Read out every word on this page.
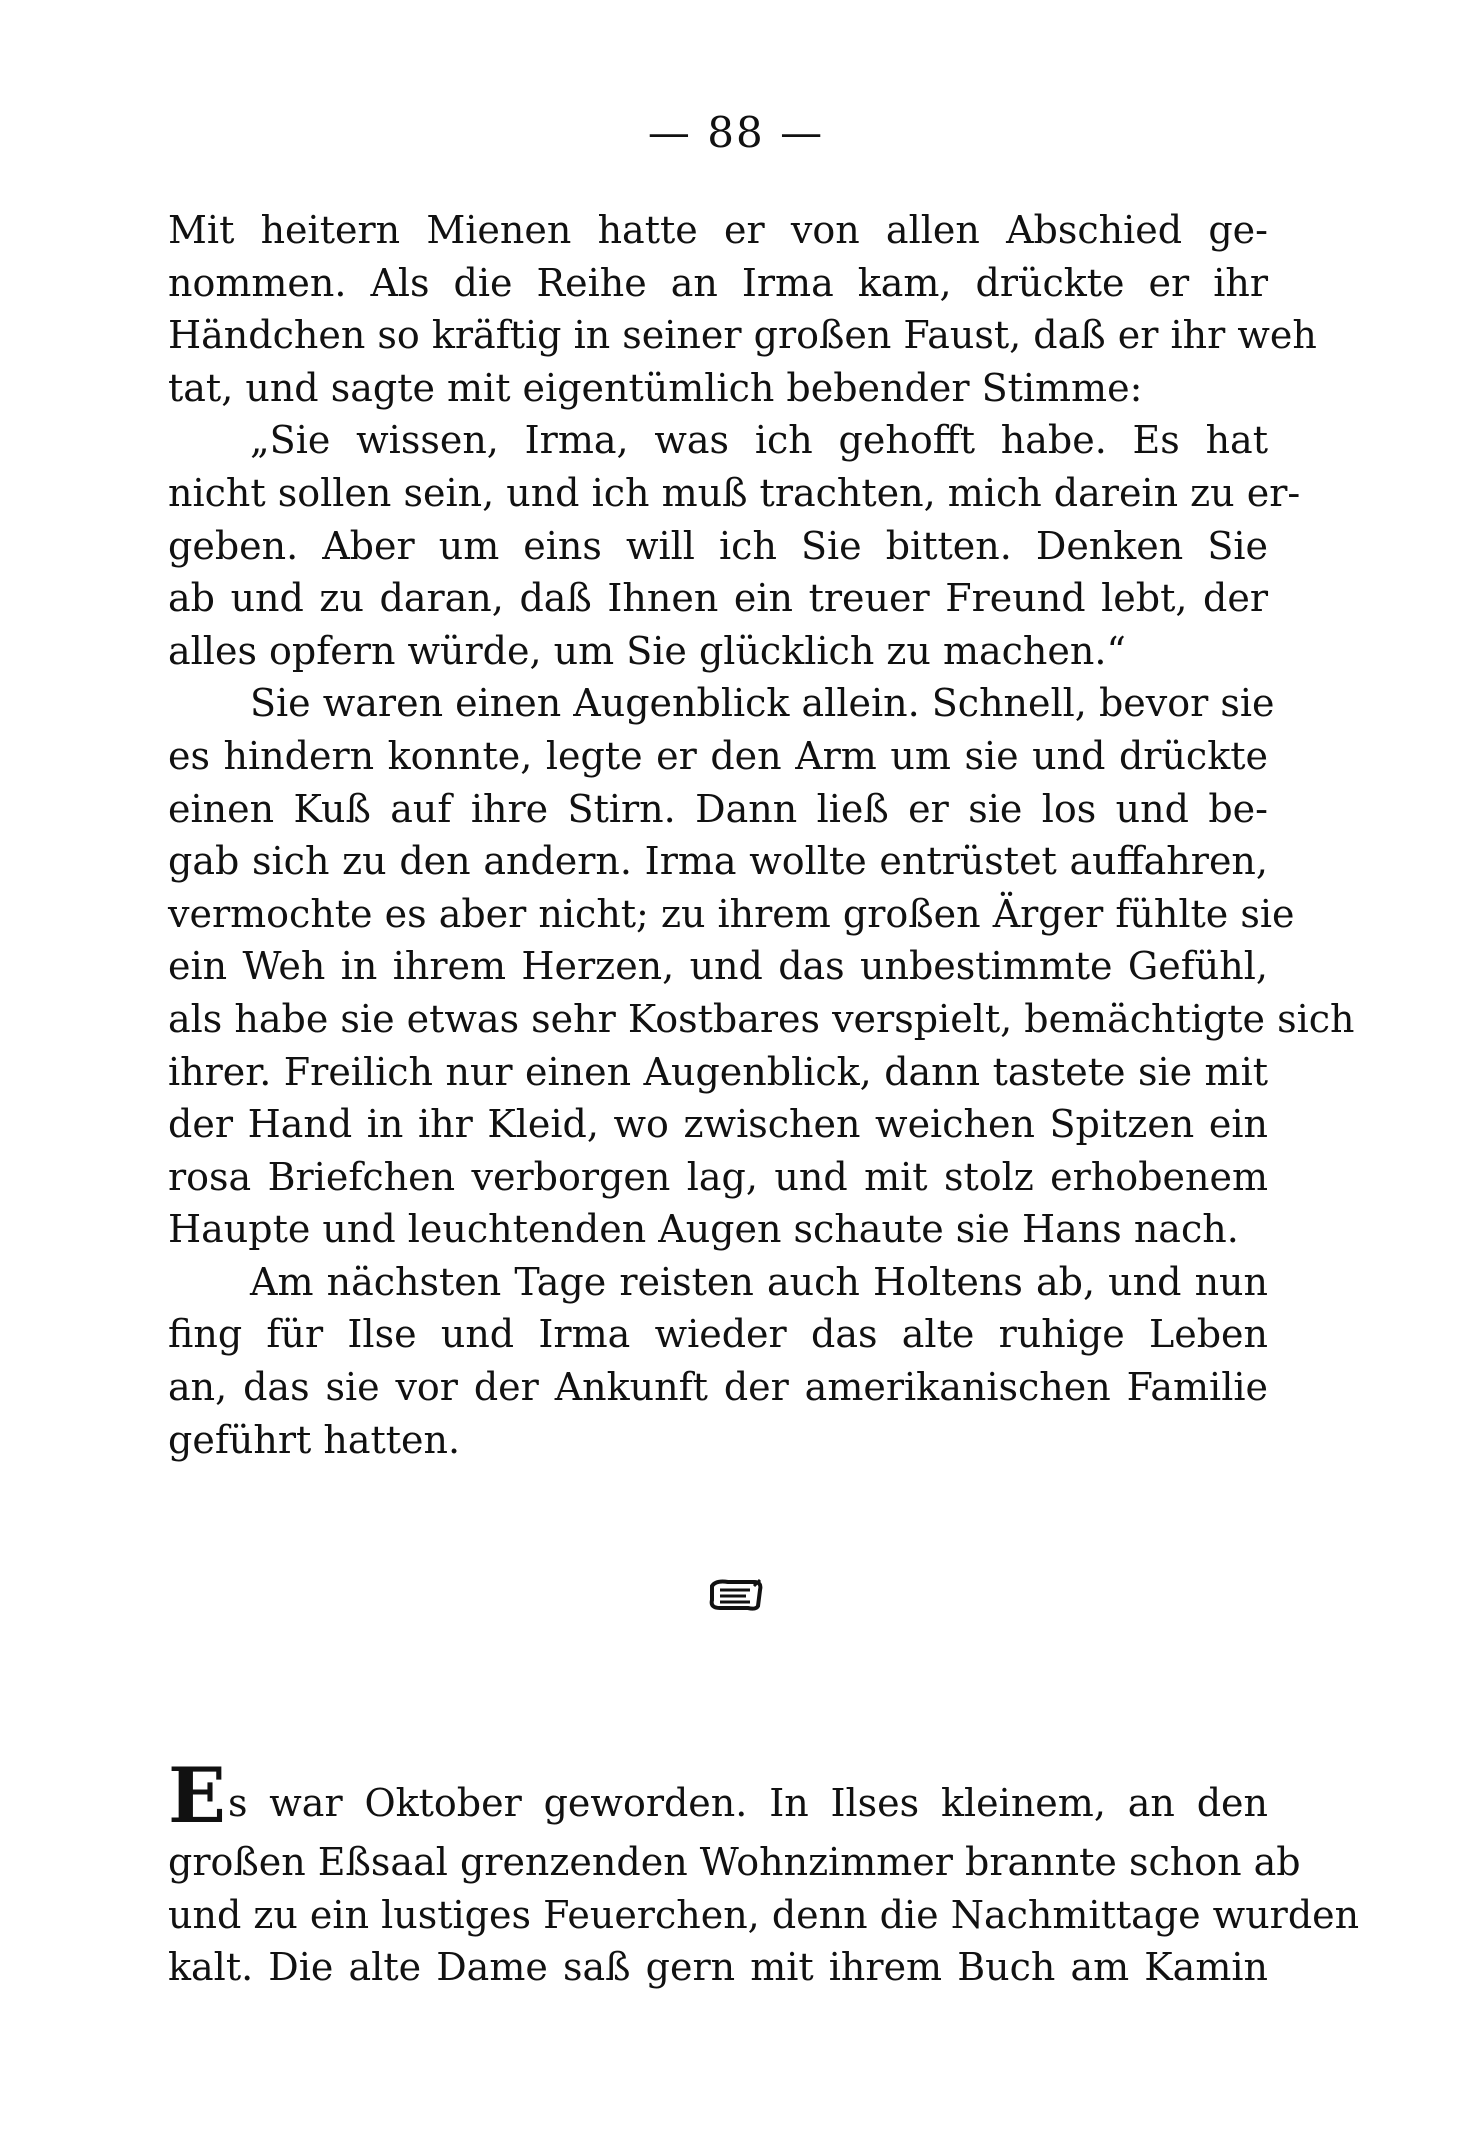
— 88 —
Mit heitern Mienen hatte er von allen Abschied ge-
nommen. Als die Reihe an Irma kam, drückte er ihr
Händchen so kräftig in seiner großen Faust, daß er ihr weh
tat, und sagte mit eigentümlich bebender Stimme:
„Sie wissen, Irma, was ich gehofft habe. Es hat
nicht sollen sein, und ich muß trachten, mich darein zu er-
geben. Aber um eins will ich Sie bitten. Denken Sie
ab und zu daran, daß Ihnen ein treuer Freund lebt, der
alles opfern würde, um Sie glücklich zu machen.“
Sie waren einen Augenblick allein. Schnell, bevor sie
es hindern konnte, legte er den Arm um sie und drückte
einen Kuß auf ihre Stirn. Dann ließ er sie los und be-
gab sich zu den andern. Irma wollte entrüstet auffahren,
vermochte es aber nicht; zu ihrem großen Ärger fühlte sie
ein Weh in ihrem Herzen, und das unbestimmte Gefühl,
als habe sie etwas sehr Kostbares verspielt, bemächtigte sich
ihrer. Freilich nur einen Augenblick, dann tastete sie mit
der Hand in ihr Kleid, wo zwischen weichen Spitzen ein
rosa Briefchen verborgen lag, und mit stolz erhobenem
Haupte und leuchtenden Augen schaute sie Hans nach.
Am nächsten Tage reisten auch Holtens ab, und nun
fing für Ilse und Irma wieder das alte ruhige Leben
an, das sie vor der Ankunft der amerikanischen Familie
geführt hatten.
Es war Oktober geworden. In Ilses kleinem, an den
großen Eßsaal grenzenden Wohnzimmer brannte schon ab
und zu ein lustiges Feuerchen, denn die Nachmittage wurden
kalt. Die alte Dame saß gern mit ihrem Buch am Kamin
